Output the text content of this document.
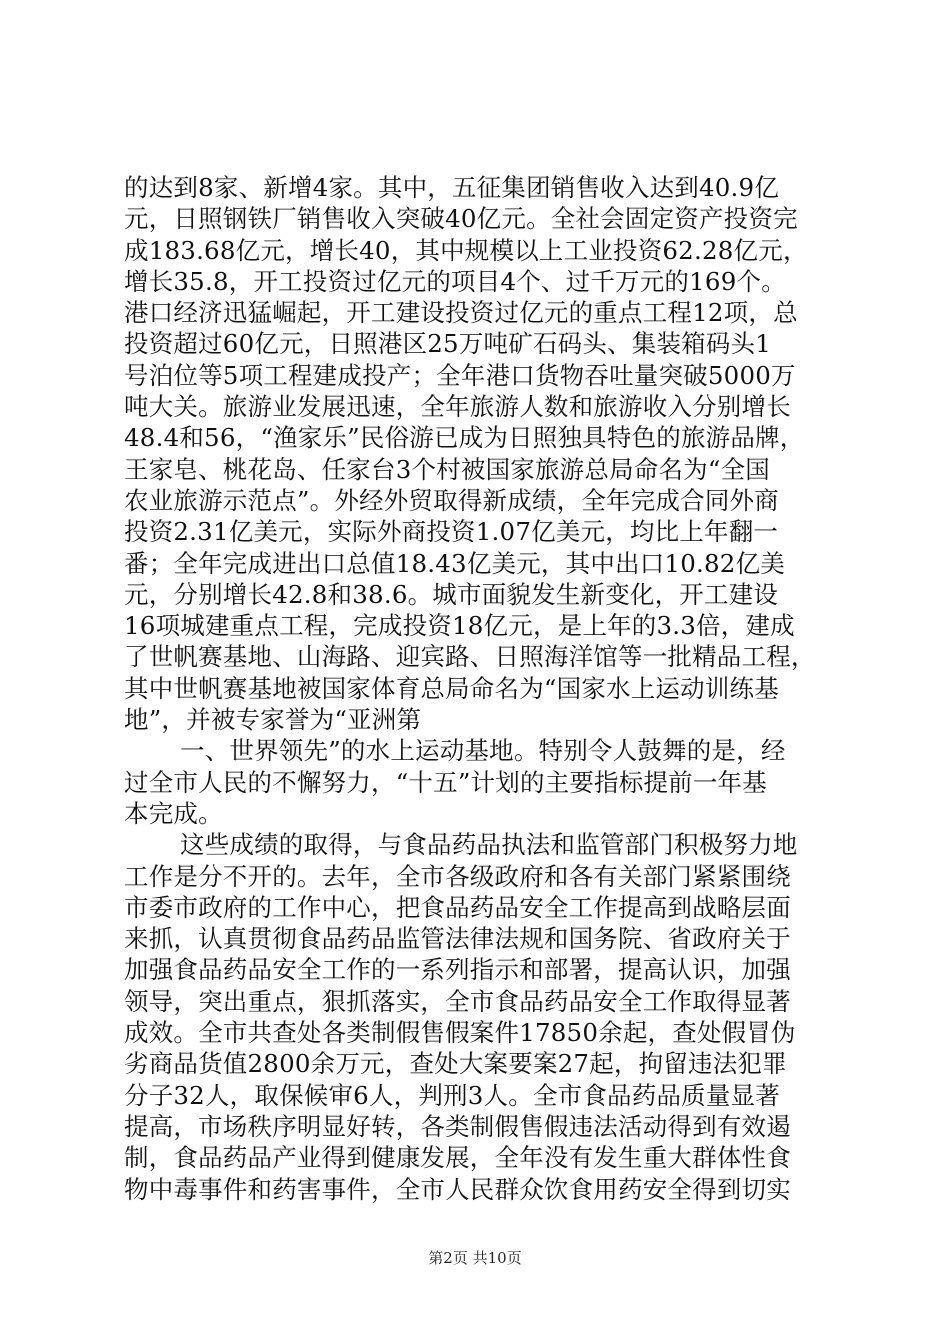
的达到8家、新增4家。其中，五征集团销售收入达到40.9亿
元，日照钢铁厂销售收入突破40亿元。全社会固定资产投资完
成183.68亿元，增长40，其中规模以上工业投资62.28亿元，
增长35.8，开工投资过亿元的项目4个、过千万元的169个。
港口经济迅猛崛起，开工建设投资过亿元的重点工程12项，总
投资超过60亿元，日照港区25万吨矿石码头、集装箱码头1
号泊位等5项工程建成投产；全年港口货物吞吐量突破5000万
吨大关。旅游业发展迅速，全年旅游人数和旅游收入分别增长
48.4和56，“渔家乐”民俗游已成为日照独具特色的旅游品牌，
王家皂、桃花岛、任家台3个村被国家旅游总局命名为“全国
农业旅游示范点”。外经外贸取得新成绩，全年完成合同外商
投资2.31亿美元，实际外商投资1.07亿美元，均比上年翻一
番；全年完成进出口总值18.43亿美元，其中出口10.82亿美
元，分别增长42.8和38.6。城市面貌发生新变化，开工建设
16项城建重点工程，完成投资18亿元，是上年的3.3倍，建成
了世帆赛基地、山海路、迎宾路、日照海洋馆等一批精品工程，
其中世帆赛基地被国家体育总局命名为“国家水上运动训练基
地”，并被专家誉为“亚洲第
一、世界领先”的水上运动基地。特别令人鼓舞的是，经
过全市人民的不懈努力，“十五”计划的主要指标提前一年基
本完成。
这些成绩的取得，与食品药品执法和监管部门积极努力地
工作是分不开的。去年，全市各级政府和各有关部门紧紧围绕
市委市政府的工作中心，把食品药品安全工作提高到战略层面
来抓，认真贯彻食品药品监管法律法规和国务院、省政府关于
加强食品药品安全工作的一系列指示和部署，提高认识，加强
领导，突出重点，狠抓落实，全市食品药品安全工作取得显著
成效。全市共查处各类制假售假案件17850余起，查处假冒伪
劣商品货值2800余万元，查处大案要案27起，拘留违法犯罪
分子32人，取保候审6人，判刑3人。全市食品药品质量显著
提高，市场秩序明显好转，各类制假售假违法活动得到有效遏
制，食品药品产业得到健康发展，全年没有发生重大群体性食
物中毒事件和药害事件，全市人民群众饮食用药安全得到切实
第2页 共10页
